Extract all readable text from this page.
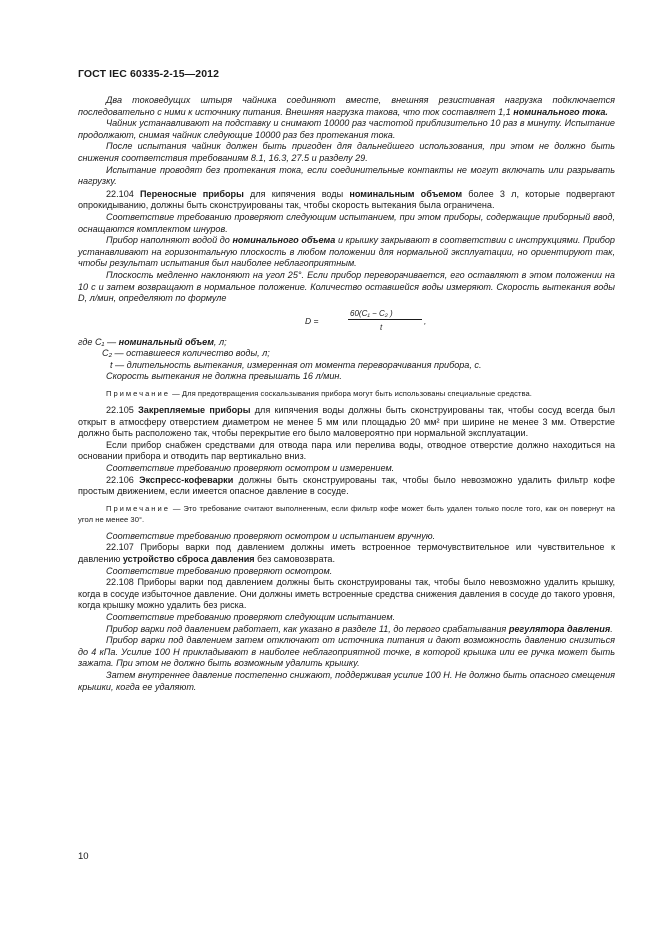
ГОСТ IEC 60335-2-15—2012

Два токоведущих штыря чайника соединяют вместе, внешняя резистивная нагрузка подключается последовательно с ними к источнику питания. Внешняя нагрузка такова, что ток составляет 1,1 номинального тока.

Чайник устанавливают на подставку и снимают 10000 раз частотой приблизительно 10 раз в минуту. Испытание продолжают, снимая чайник следующие 10000 раз без протекания тока.

После испытания чайник должен быть пригоден для дальнейшего использования, при этом не должно быть снижения соответствия требованиям 8.1, 16.3, 27.5 и разделу 29.

Испытание проводят без протекания тока, если соединительные контакты не могут включать или разрывать нагрузку.

22.104 Переносные приборы для кипячения воды номинальным объемом более 3 л, которые подвергают опрокидыванию, должны быть сконструированы так, чтобы скорость вытекания была ограничена.

Соответствие требованию проверяют следующим испытанием, при этом приборы, содержащие приборный ввод, оснащаются комплектом шнуров.

Прибор наполняют водой до номинального объема и крышку закрывают в соответствии с инструкциями. Прибор устанавливают на горизонтальную плоскость в любом положении для нормальной эксплуатации, но ориентируют так, чтобы результат испытания был наиболее неблагоприятным.

Плоскость медленно наклоняют на угол 25°. Если прибор переворачивается, его оставляют в этом положении на 10 с и затем возвращают в нормальное положение. Количество оставшейся воды измеряют. Скорость вытекания воды D, л/мин, определяют по формуле

D =
60(C₁ − C₂ )
t
,

где C₁ — номинальный объем, л;

C₂ — оставшееся количество воды, л;

t — длительность вытекания, измеренная от момента переворачивания прибора, с.

Скорость вытекания не должна превышать 16 л/мин.

Примечание — Для предотвращения соскальзывания прибора могут быть использованы специальные средства.

22.105 Закрепляемые приборы для кипячения воды должны быть сконструированы так, чтобы сосуд всегда был открыт в атмосферу отверстием диаметром не менее 5 мм или площадью 20 мм² при ширине не менее 3 мм. Отверстие должно быть расположено так, чтобы перекрытие его было маловероятно при нормальной эксплуатации.

Если прибор снабжен средствами для отвода пара или перелива воды, отводное отверстие должно находиться на основании прибора и отводить пар вертикально вниз.

Соответствие требованию проверяют осмотром и измерением.

22.106 Экспресс-кофеварки должны быть сконструированы так, чтобы было невозможно удалить фильтр кофе простым движением, если имеется опасное давление в сосуде.

Примечание — Это требование считают выполненным, если фильтр кофе может быть удален только после того, как он повернут на угол не менее 30°.

Соответствие требованию проверяют осмотром и испытанием вручную.

22.107 Приборы варки под давлением должны иметь встроенное термочувствительное или чувствительное к давлению устройство сброса давления без самовозврата.

Соответствие требованию проверяют осмотром.

22.108 Приборы варки под давлением должны быть сконструированы так, чтобы было невозможно удалить крышку, когда в сосуде избыточное давление. Они должны иметь встроенные средства снижения давления в сосуде до такого уровня, когда крышку можно удалить без риска.

Соответствие требованию проверяют следующим испытанием.

Прибор варки под давлением работает, как указано в разделе 11, до первого срабатывания регулятора давления.

Прибор варки под давлением затем отключают от источника питания и дают возможность давлению снизиться до 4 кПа. Усилие 100 Н прикладывают в наиболее неблагоприятной точке, в которой крышка или ее ручка может быть зажата. При этом не должно быть возможным удалить крышку.

Затем внутреннее давление постепенно снижают, поддерживая усилие 100 Н. Не должно быть опасного смещения крышки, когда ее удаляют.

10
